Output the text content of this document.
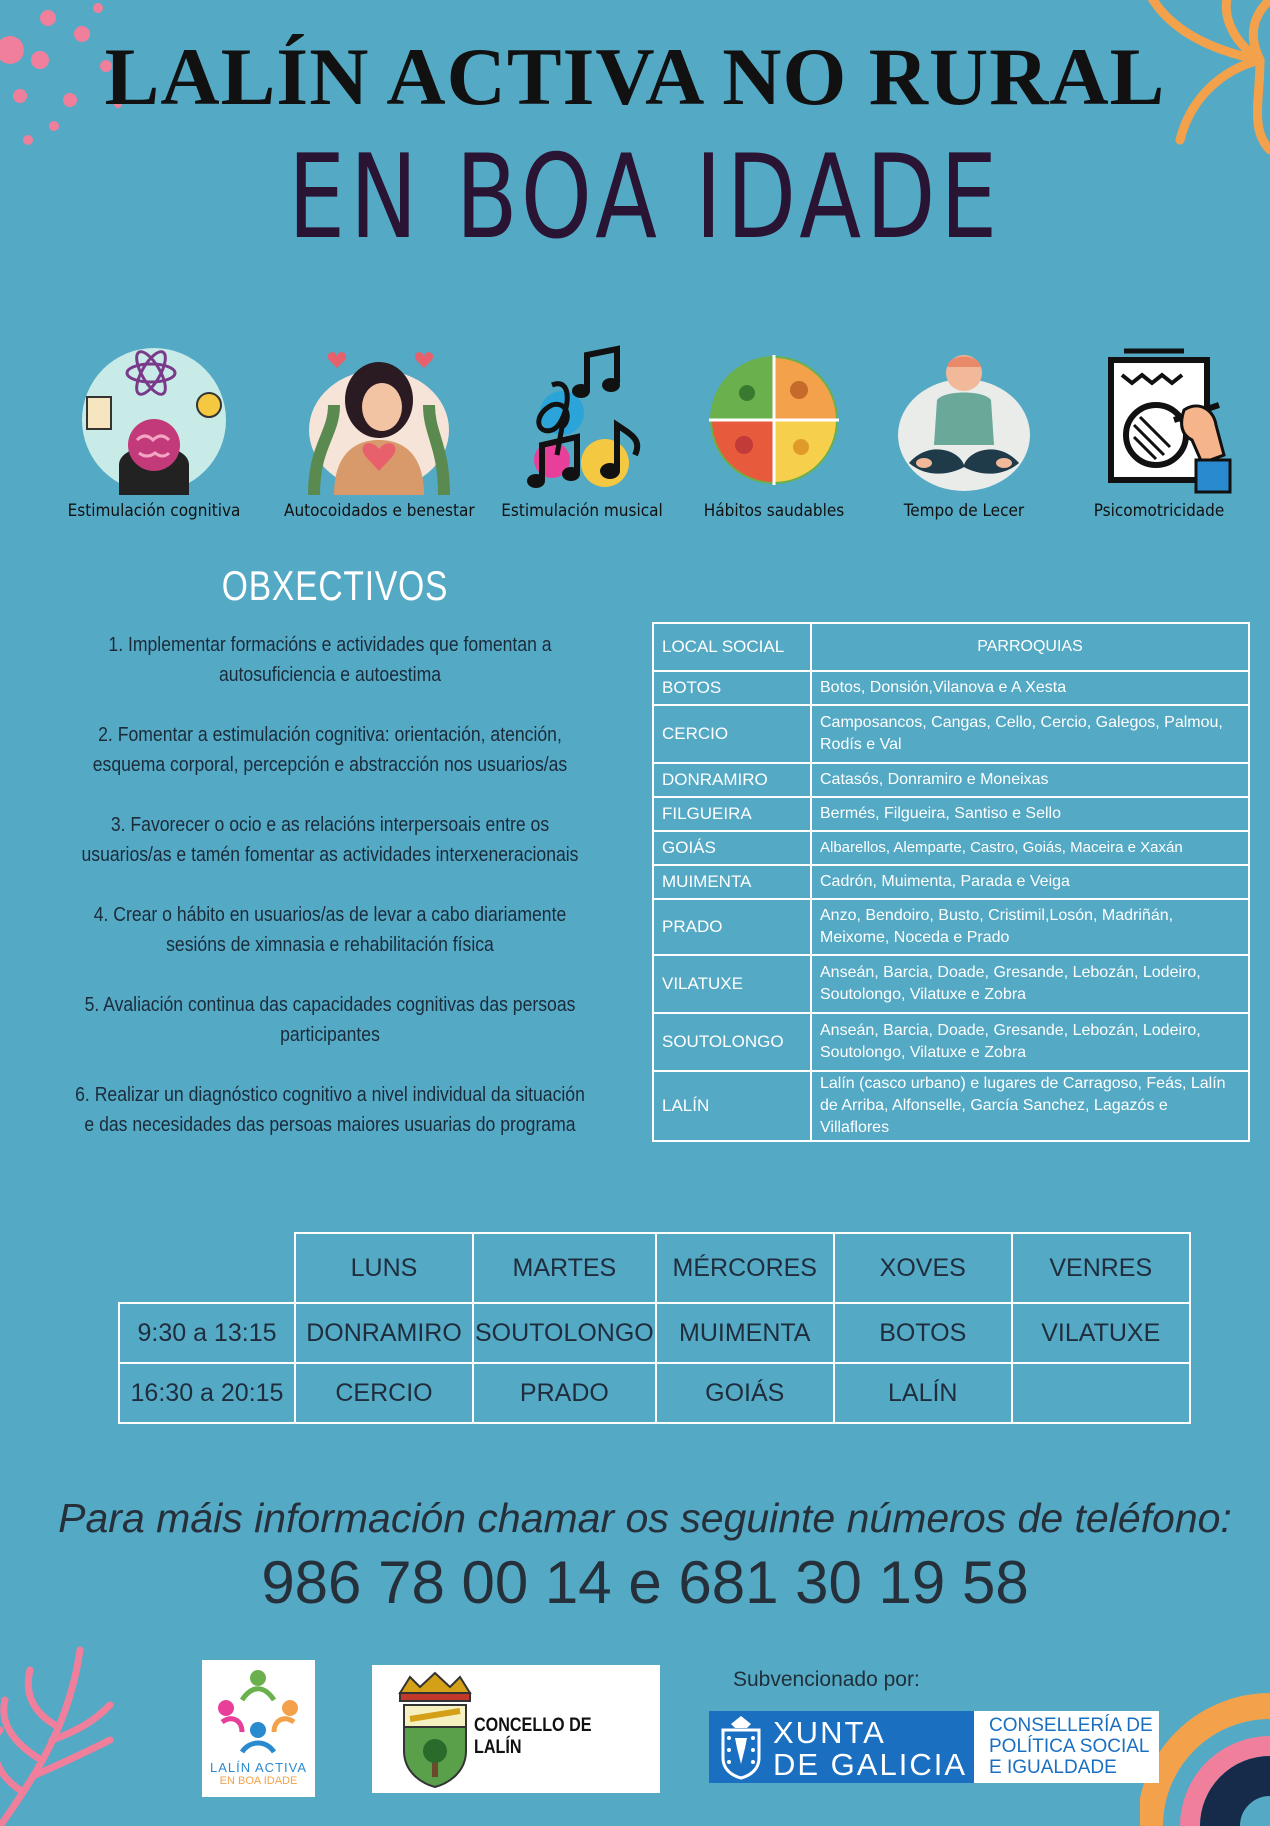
LALÍN ACTIVA NO RURAL
EN BOA IDADE
Estimulación cognitiva	Autocoidados e benestar	Estimulación musical	Hábitos saudables	Tempo de Lecer	Psicomotricidade
OBXECTIVOS
1. Implementar formacións e actividades que fomentan a autosuficiencia e autoestima
2. Fomentar a estimulación cognitiva: orientación, atención, esquema corporal, percepción e abstracción nos usuarios/as
3. Favorecer o ocio e as relacións interpersoais entre os usuarios/as e tamén fomentar as actividades interxeneracionais
4. Crear o hábito en usuarios/as de levar a cabo diariamente sesións de ximnasia e rehabilitación física
5. Avaliación continua das capacidades cognitivas das persoas participantes
6. Realizar un diagnóstico cognitivo a nivel individual da situación e das necesidades das persoas maiores usuarias do programa
LOCAL SOCIAL	PARROQUIAS
BOTOS	Botos, Donsión,Vilanova e A Xesta
CERCIO	Camposancos, Cangas, Cello, Cercio, Galegos, Palmou, Rodís e Val
DONRAMIRO	Catasós, Donramiro e Moneixas
FILGUEIRA	Bermés, Filgueira, Santiso e Sello
GOIÁS	Albarellos, Alemparte, Castro, Goiás, Maceira e Xaxán
MUIMENTA	Cadrón, Muimenta, Parada e Veiga
PRADO	Anzo, Bendoiro, Busto, Cristimil,Losón, Madriñán, Meixome, Noceda e Prado
VILATUXE	Anseán, Barcia, Doade, Gresande, Lebozán, Lodeiro, Soutolongo, Vilatuxe e Zobra
SOUTOLONGO	Anseán, Barcia, Doade, Gresande, Lebozán, Lodeiro, Soutolongo, Vilatuxe e Zobra
LALÍN	Lalín (casco urbano) e lugares de Carragoso, Feás, Lalín de Arriba, Alfonselle, García Sanchez, Lagazós e Villaflores
	LUNS	MARTES	MÉRCORES	XOVES	VENRES
9:30 a 13:15	DONRAMIRO	SOUTOLONGO	MUIMENTA	BOTOS	VILATUXE
16:30 a 20:15	CERCIO	PRADO	GOIÁS	LALÍN	
Para máis información chamar os seguinte números de teléfono:
986 78 00 14 e 681 30 19 58
LALÍN ACTIVA
EN BOA IDADE
CONCELLO DE LALÍN
Subvencionado por:
XUNTA
DE GALICIA
CONSELLERÍA DE
POLÍTICA SOCIAL
E IGUALDADE
